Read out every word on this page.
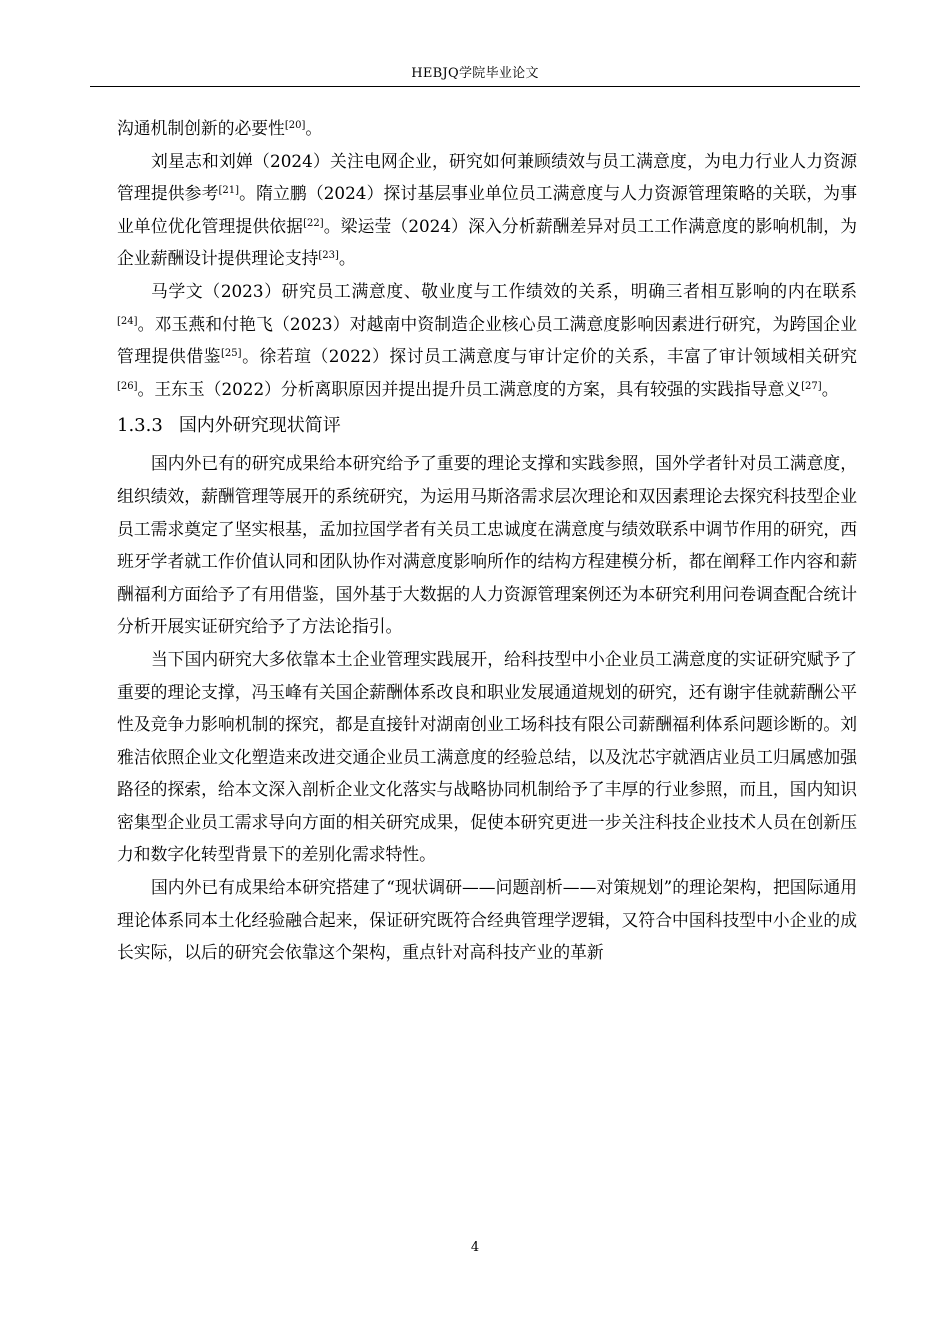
HEBJQ学院毕业论文

沟通机制创新的必要性[20]。

刘星志和刘婵（2024）关注电网企业，研究如何兼顾绩效与员工满意度，为电力行业人力资源管理提供参考[21]。隋立鹏（2024）探讨基层事业单位员工满意度与人力资源管理策略的关联，为事业单位优化管理提供依据[22]。梁运莹（2024）深入分析薪酬差异对员工工作满意度的影响机制，为企业薪酬设计提供理论支持[23]。

马学文（2023）研究员工满意度、敬业度与工作绩效的关系，明确三者相互影响的内在联系[24]。邓玉燕和付艳飞（2023）对越南中资制造企业核心员工满意度影响因素进行研究，为跨国企业管理提供借鉴[25]。徐若瑄（2022）探讨员工满意度与审计定价的关系，丰富了审计领域相关研究[26]。王东玉（2022）分析离职原因并提出提升员工满意度的方案，具有较强的实践指导意义[27]。

1.3.3 国内外研究现状简评

国内外已有的研究成果给本研究给予了重要的理论支撑和实践参照，国外学者针对员工满意度，组织绩效，薪酬管理等展开的系统研究，为运用马斯洛需求层次理论和双因素理论去探究科技型企业员工需求奠定了坚实根基，孟加拉国学者有关员工忠诚度在满意度与绩效联系中调节作用的研究，西班牙学者就工作价值认同和团队协作对满意度影响所作的结构方程建模分析，都在阐释工作内容和薪酬福利方面给予了有用借鉴，国外基于大数据的人力资源管理案例还为本研究利用问卷调查配合统计分析开展实证研究给予了方法论指引。

当下国内研究大多依靠本土企业管理实践展开，给科技型中小企业员工满意度的实证研究赋予了重要的理论支撑，冯玉峰有关国企薪酬体系改良和职业发展通道规划的研究，还有谢宇佳就薪酬公平性及竞争力影响机制的探究，都是直接针对湖南创业工场科技有限公司薪酬福利体系问题诊断的。刘雅洁依照企业文化塑造来改进交通企业员工满意度的经验总结，以及沈芯宇就酒店业员工归属感加强路径的探索，给本文深入剖析企业文化落实与战略协同机制给予了丰厚的行业参照，而且，国内知识密集型企业员工需求导向方面的相关研究成果，促使本研究更进一步关注科技企业技术人员在创新压力和数字化转型背景下的差别化需求特性。

国内外已有成果给本研究搭建了“现状调研——问题剖析——对策规划”的理论架构，把国际通用理论体系同本土化经验融合起来，保证研究既符合经典管理学逻辑，又符合中国科技型中小企业的成长实际，以后的研究会依靠这个架构，重点针对高科技产业的革新

4
